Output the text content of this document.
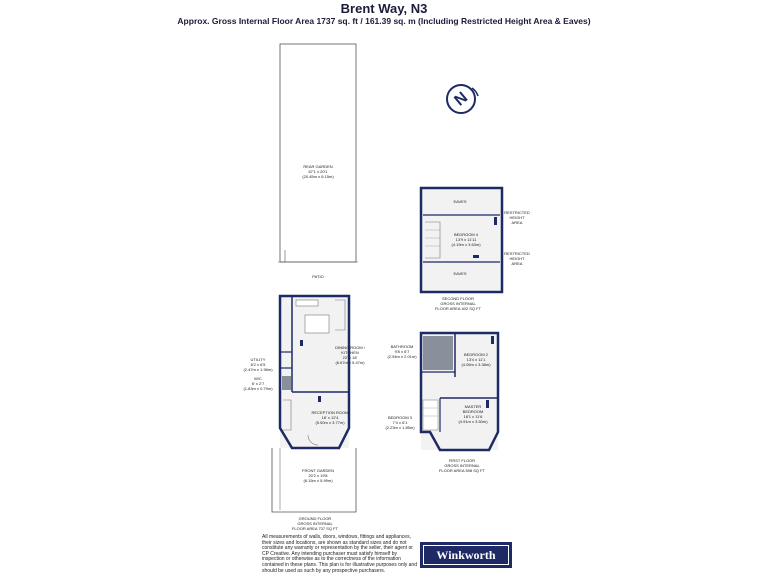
Brent Way, N3
Approx. Gross Internal Floor Area 1737 sq. ft / 161.39 sq. m (Including Restricted Height Area & Eaves)
N
REAR GARDEN
67'1 x 20'1
(20.45m x 6.15m)
PATIO
DINING ROOM /
KITCHEN
22' x 18'
(6.67m x 5.47m)
UTILITY
8'2 x 6'5
(2.47m x 1.96m)
W/C
6' x 2'7
(1.83m x 0.79m)
RECEPTION ROOM
18' x 12'4
(5.50m x 3.77m)
FRONT GARDEN
20'2 x 19'8
(6.15m x 5.99m)
GROUND FLOOR
GROSS INTERNAL
FLOOR AREA 737 SQ FT
EAVES
BEDROOM 4
13'9 x 11'11
(4.19m x 3.63m)
EAVES
RESTRICTED
HEIGHT
AREA
RESTRICTED
HEIGHT
AREA
SECOND FLOOR
GROSS INTERNAL
FLOOR AREA 402 SQ FT
BATHROOM
9'8 x 6'7
(2.94m x 2.01m)	BEDROOM 2
13'4 x 11'1
(4.06m x 3.38m)
MASTER
BEDROOM
16'1 x 11'6
(4.91m x 3.50m)
BEDROOM 3
7'4 x 6'1
(2.23m x 1.85m)
FIRST FLOOR
GROSS INTERNAL
FLOOR AREA 598 SQ FT
All measurements of walls, doors, windows, fittings and appliances, their sizes and locations, are shown as standard sizes and do not constitute any warranty or representation by the seller, their agent or CP Creative. Any intending purchaser must satisfy himself by inspection or otherwise as to the correctness of the information contained in these plans. This plan is for illustrative purposes only and should be used as such by any prospective purchasers.
Winkworth
